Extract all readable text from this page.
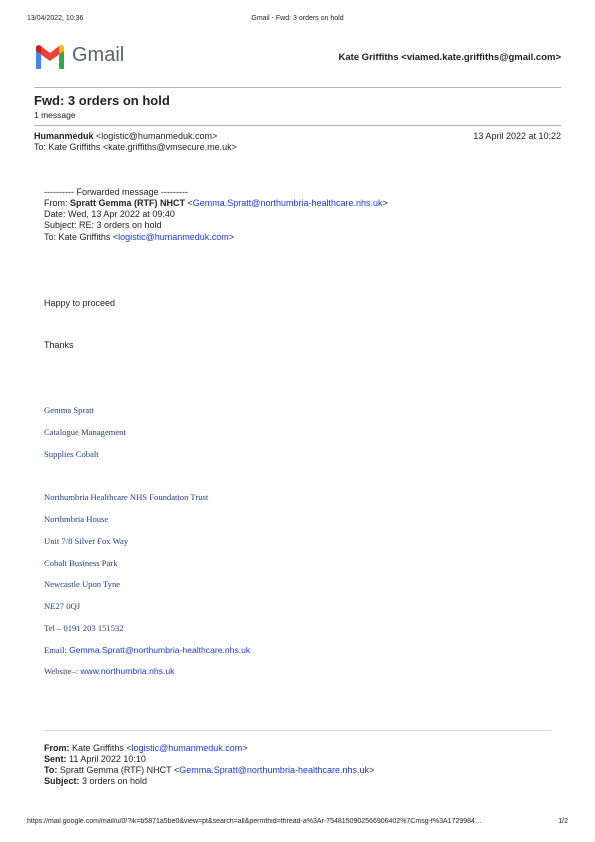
13/04/2022, 10:36	Gmail - Fwd: 3 orders on hold
Gmail	Kate Griffiths <viamed.kate.griffiths@gmail.com>
Fwd: 3 orders on hold
1 message
Humanmeduk <logistic@humanmeduk.com>	13 April 2022 at 10:22
To: Kate Griffiths <kate.griffiths@vmsecure.me.uk>
---------- Forwarded message ---------
From: Spratt Gemma (RTF) NHCT <Gemma.Spratt@northumbria-healthcare.nhs.uk>
Date: Wed, 13 Apr 2022 at 09:40
Subject: RE: 3 orders on hold
To: Kate Griffiths <logistic@humanmeduk.com>
Happy to proceed
Thanks
Gemma Spratt
Catalogue Management
Supplies Cobalt
Northumbria Healthcare NHS Foundation Trust
Northmbria House
Unit 7/8 Silver Fox Way
Cobalt Business Park
Newcastle Upon Tyne
NE27 0QJ
Tel – 0191 203 151532
Email: Gemma.Spratt@northumbria-healthcare.nhs.uk
Website–: www.northumbria.nhs.uk
From: Kate Griffiths <logistic@humanmeduk.com>
Sent: 11 April 2022 10:10
To: Spratt Gemma (RTF) NHCT <Gemma.Spratt@northumbria-healthcare.nhs.uk>
Subject: 3 orders on hold
https://mail.google.com/mail/u/0/?ik=b5871a5be0&view=pt&search=all&permthid=thread-a%3Ar-7548150902566906402%7Cmsg-f%3A1729984…	1/2
